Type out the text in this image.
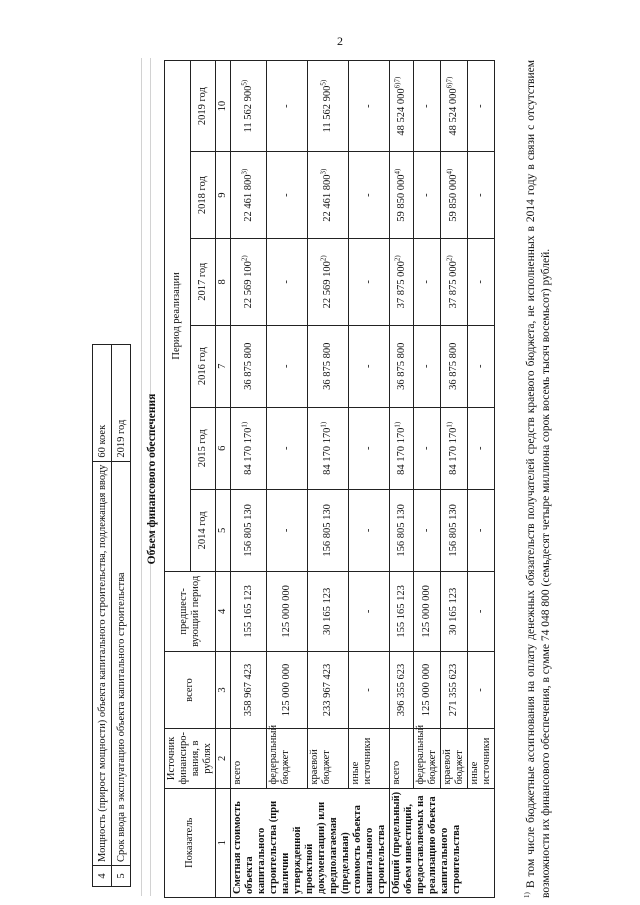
2
4	Мощность (прирост мощности) объекта капитального строительства, подлежащая вводу	60 коек
5	Срок ввода в эксплуатацию объекта капитального строительства	2019 год Объем финансового обеспечения
Показатель	Источник финансиро-вания, в рублях	всего	предшест-вующий период	Период реализации					
				2014 год	2015 год	2016 год	2017 год	2018 год	2019 год
1	2	3	4	5	6	7	8	9	10
Сметная стоимость объекта капитального строительства (при наличии утвержденной проектной документации) или предполагаемая (предельная) стоимость объекта капитального строительства	всего	358 967 423	155 165 123	156 805 130	84 170 170$^{1)}$	36 875 800	22 569 100$^{2)}$	22 461 800$^{3)}$	11 562 900$^{5)}$
	федеральный бюджет	125 000 000	125 000 000	-	-	-	-	-	-
	краевой бюджет	233 967 423	30 165 123	156 805 130	84 170 170$^{1)}$	36 875 800	22 569 100$^{2)}$	22 461 800$^{3)}$	11 562 900$^{5)}$
	иные источники	-	-	-	-	-	-	-	-
Общий (предельный) объем инвестиций, предоставляемых на реализацию объекта капитального строительства	всего	396 355 623	155 165 123	156 805 130	84 170 170$^{1)}$	36 875 800	37 875 000$^{2)}$	59 850 000$^{4)}$	48 524 $000^{6)7)}$
	федеральный бюджет	125 000 000	125 000 000	-	-	-	-	-	-
	краевой бюджет	271 355 623	30 165 123	156 805 130	84 170 170$^{1)}$	36 875 800	37 875 000$^{2)}$	59 850 000$^{4)}$	48 524 $000^{6)7)}$
	иные источники	-	-	-	-	-	-	-	-
$^{1)}$ В том числе бюджетные ассигнования на оплату денежных обязательств получателей средств краевого бюджета, не исполненных в 2014 году в связи с отсутствием возможности их финансового обеспечения, в сумме 74 048 800 (семьдесят четыре миллиона сорок восемь тысяч восемьсот) рублей.
